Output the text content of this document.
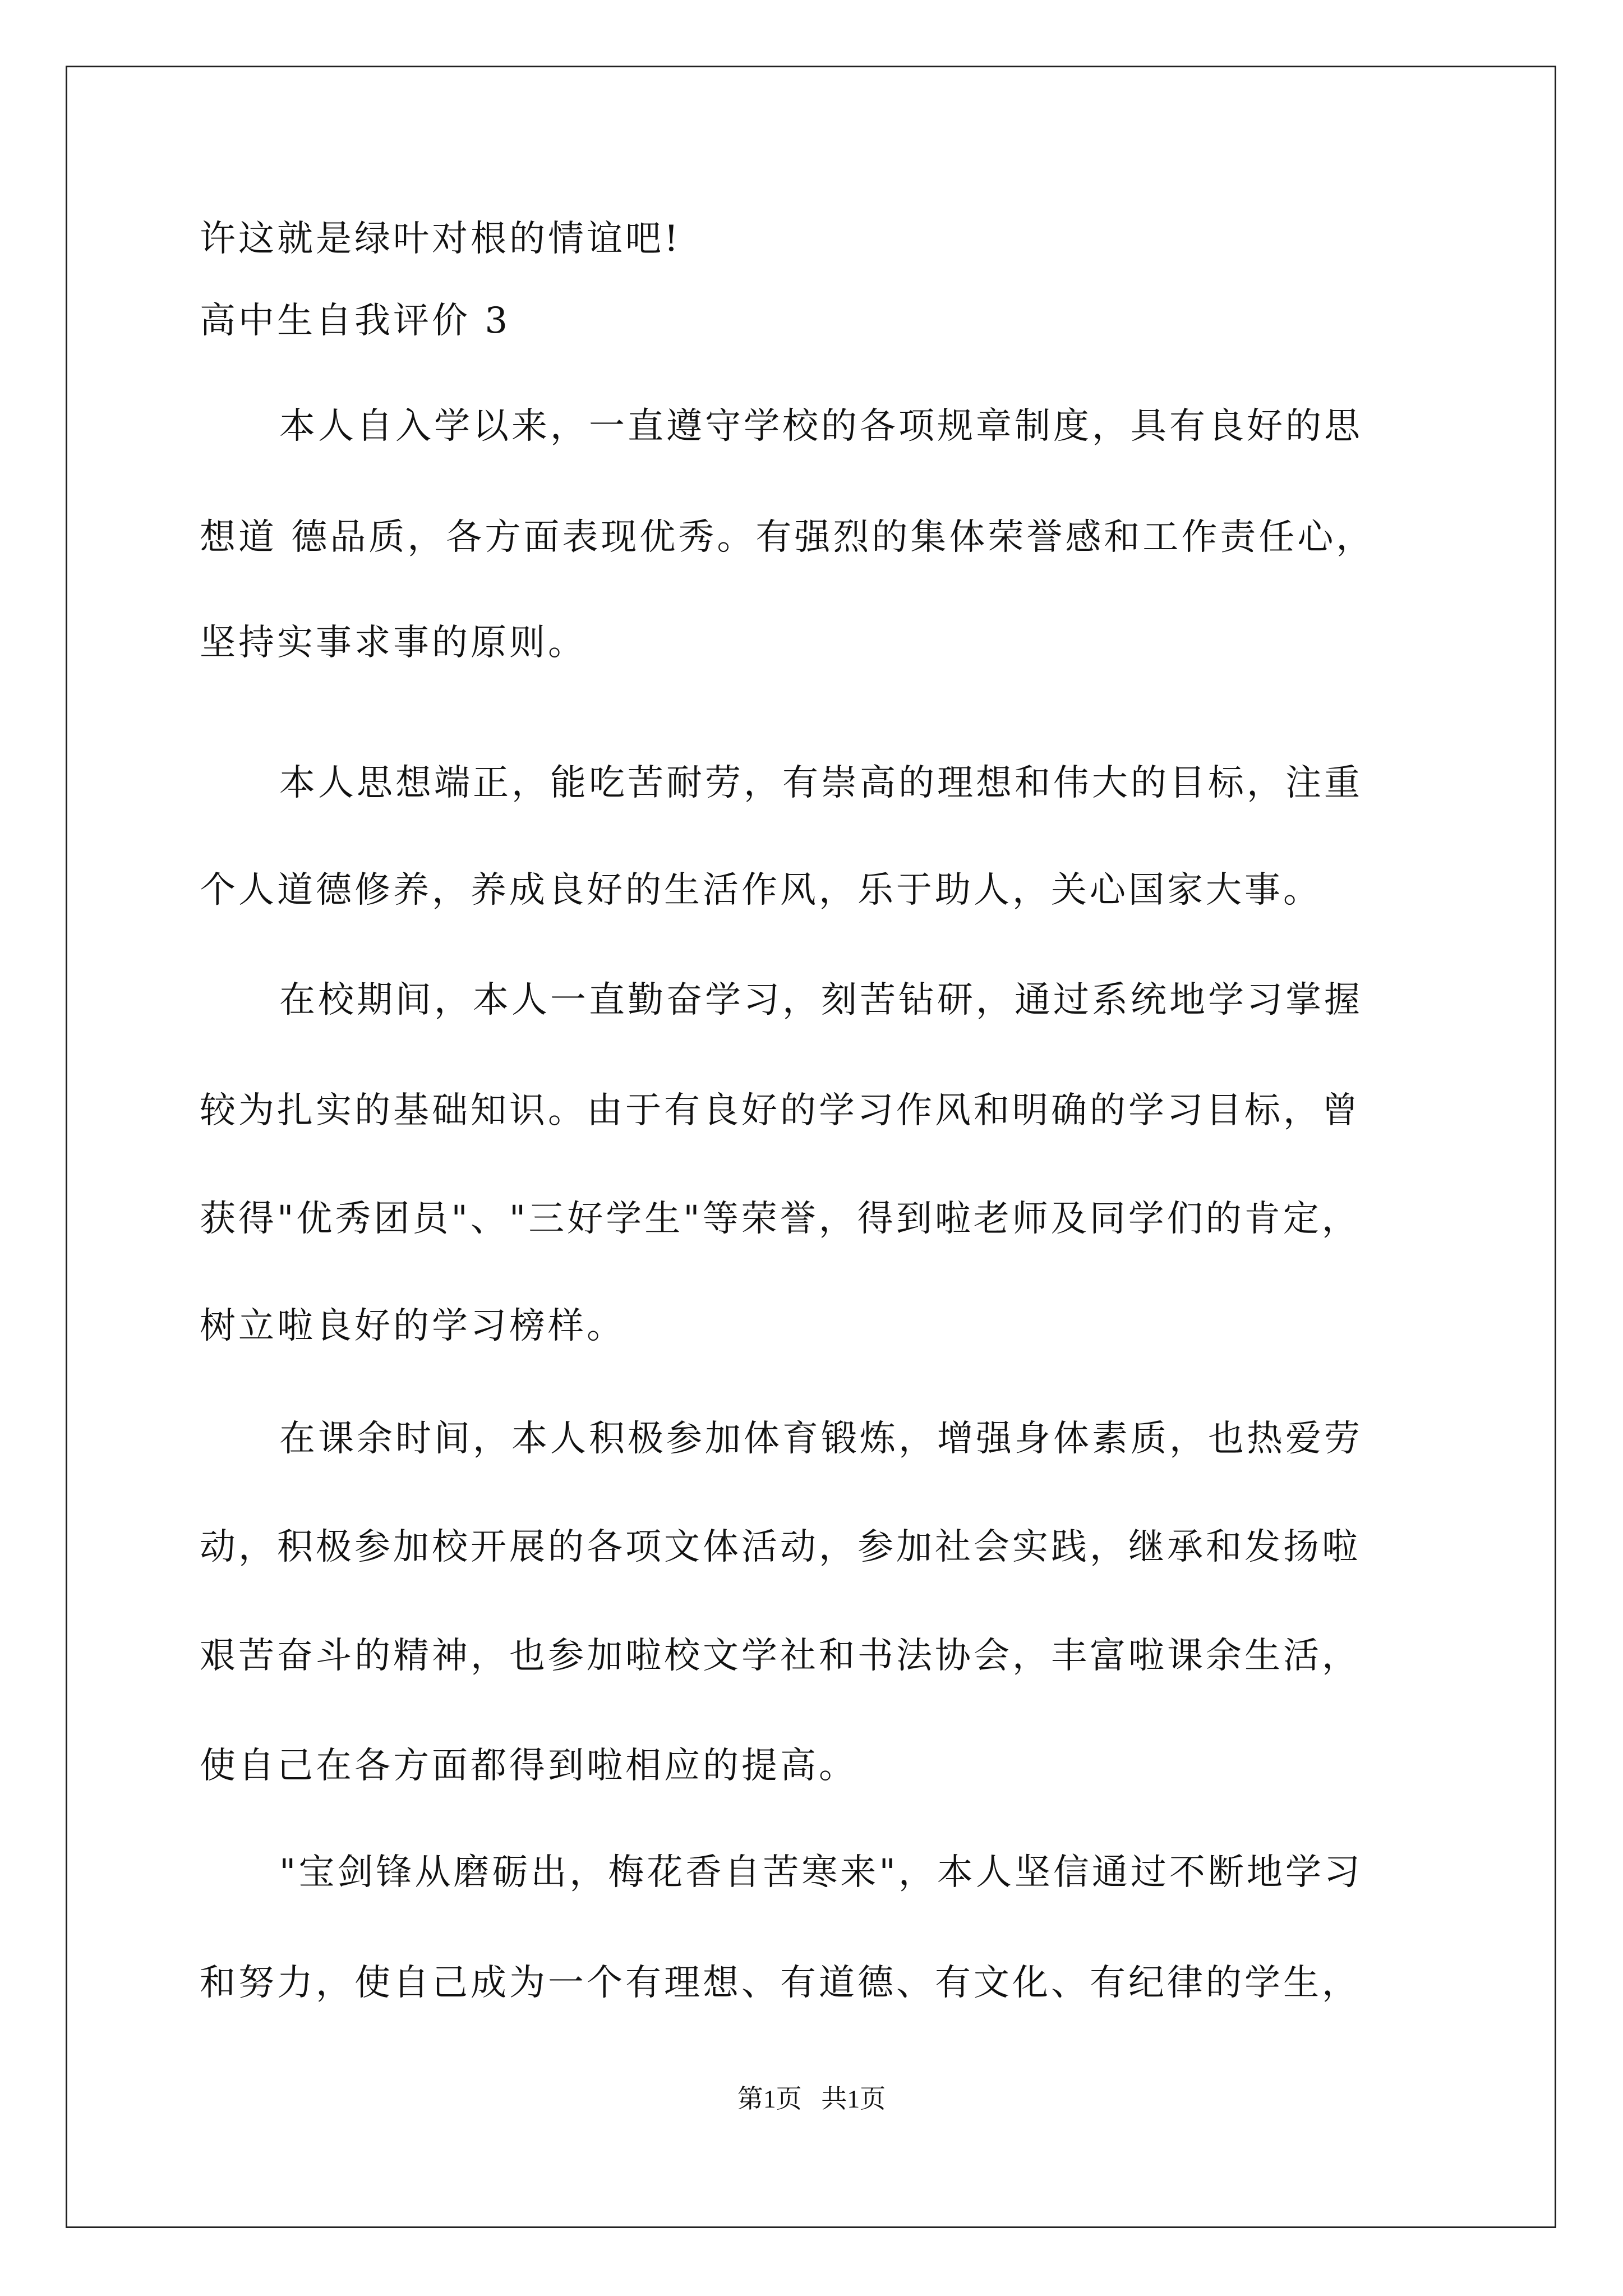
许这就是绿叶对根的情谊吧!
高中生自我评价 3
本人自入学以来，一直遵守学校的各项规章制度，具有良好的思
想道 德品质，各方面表现优秀。有强烈的集体荣誉感和工作责任心，
坚持实事求事的原则。
本人思想端正，能吃苦耐劳，有崇高的理想和伟大的目标，注重
个人道德修养，养成良好的生活作风，乐于助人，关心国家大事。
在校期间，本人一直勤奋学习，刻苦钻研，通过系统地学习掌握
较为扎实的基础知识。由于有良好的学习作风和明确的学习目标，曾
获得"优秀团员"、"三好学生"等荣誉，得到啦老师及同学们的肯定，
树立啦良好的学习榜样。
在课余时间，本人积极参加体育锻炼，增强身体素质，也热爱劳
动，积极参加校开展的各项文体活动，参加社会实践，继承和发扬啦
艰苦奋斗的精神，也参加啦校文学社和书法协会，丰富啦课余生活，
使自己在各方面都得到啦相应的提高。
"宝剑锋从磨砺出，梅花香自苦寒来"，本人坚信通过不断地学习
和努力，使自己成为一个有理想、有道德、有文化、有纪律的学生，
第1页   共1页
